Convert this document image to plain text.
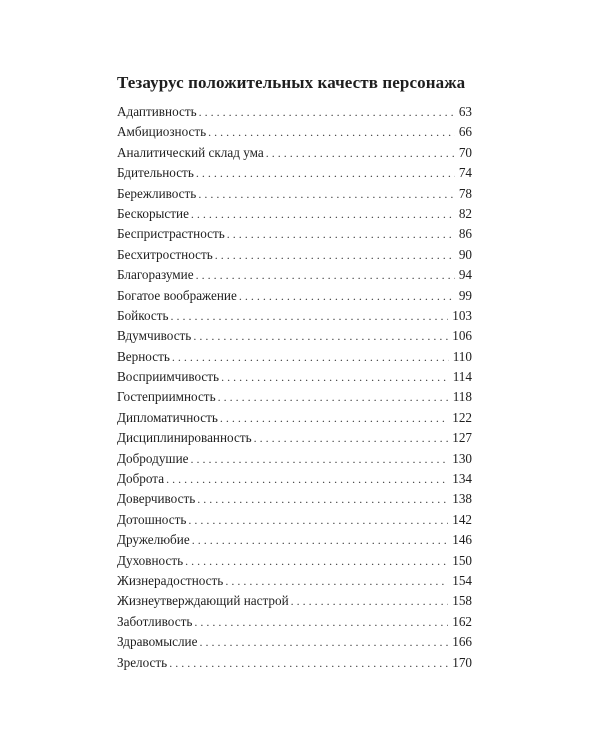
Тезаурус положительных качеств персонажа
Адаптивность . . .	63
Амбициозность . . .	66
Аналитический склад ума . . .	70
Бдительность . . .	74
Бережливость . . .	78
Бескорыстие . . .	82
Беспристрастность . . .	86
Бесхитростность . . .	90
Благоразумие . . .	94
Богатое воображение . . .	99
Бойкость . . .	103
Вдумчивость . . .	106
Верность . . .	110
Восприимчивость . . .	114
Гостеприимность . . .	118
Дипломатичность . . .	122
Дисциплинированность . . .	127
Добродушие . . .	130
Доброта . . .	134
Доверчивость . . .	138
Дотошность . . .	142
Дружелюбие . . .	146
Духовность . . .	150
Жизнерадостность . . .	154
Жизнеутверждающий настрой . . .	158
Заботливость . . .	162
Здравомыслие . . .	166
Зрелость . . .	170
